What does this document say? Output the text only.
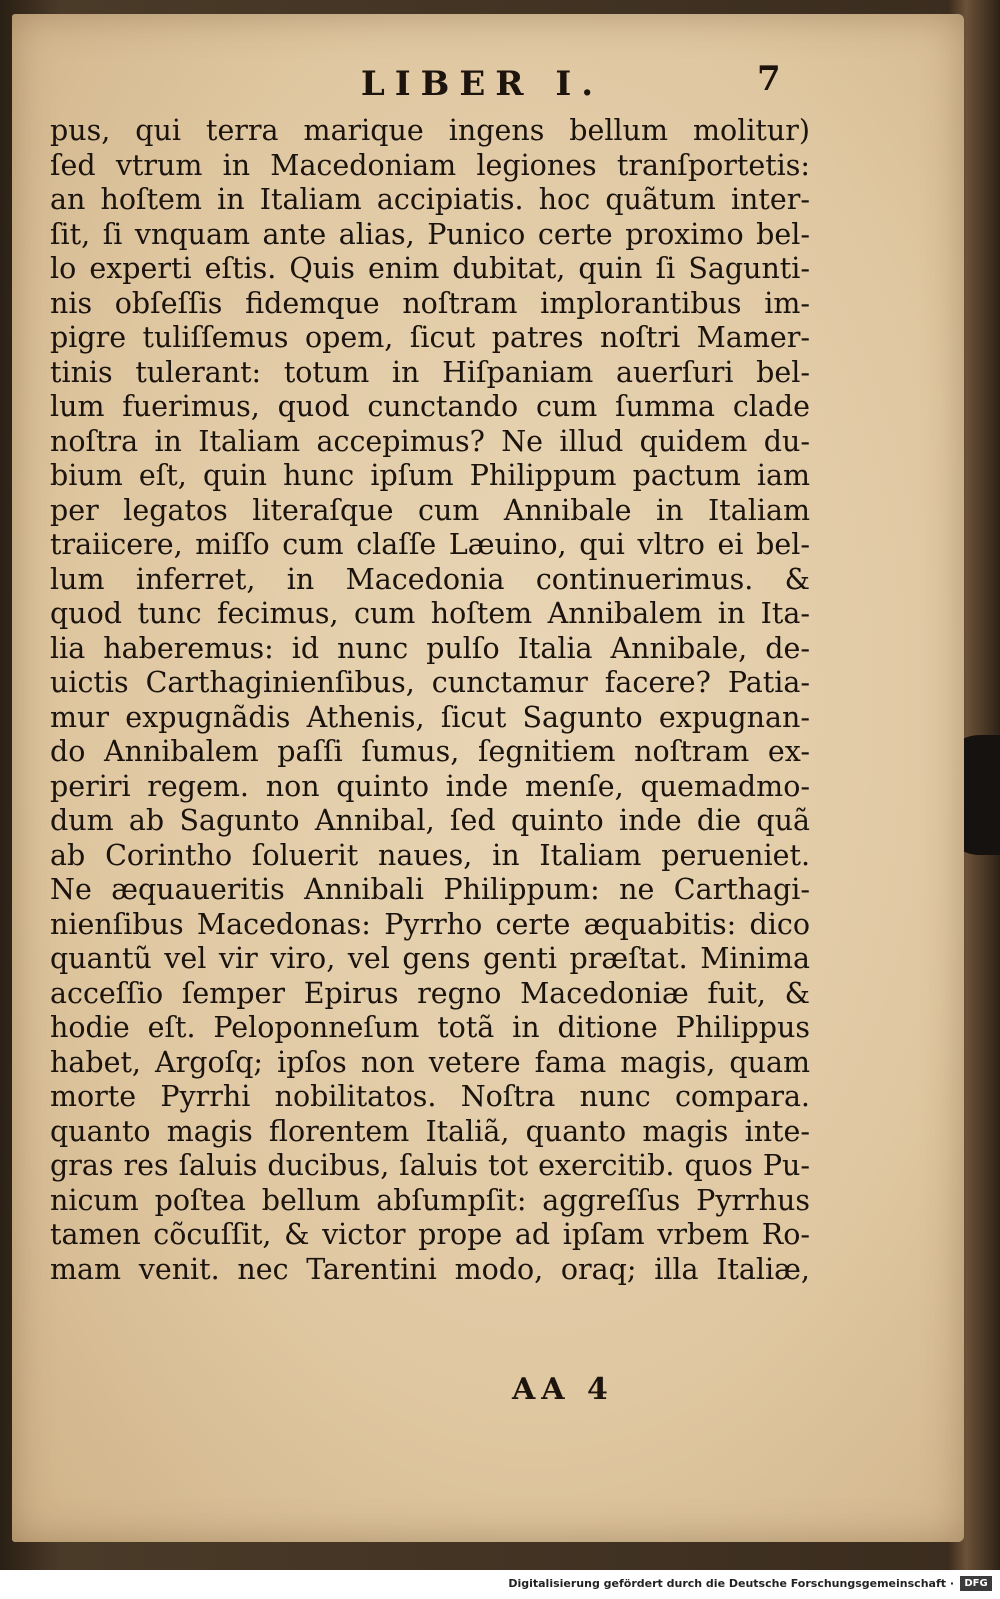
LIBER I.	7
pus, qui terra marique ingens bellum molitur)
ſed vtrum in Macedoniam legiones tranſportetis:
an hoſtem in Italiam accipiatis. hoc quãtum inter-
ſit, ſi vnquam ante alias, Punico certe proximo bel-
lo experti eſtis. Quis enim dubitat, quin ſi Sagunti-
nis obſeſſis fidemque noſtram implorantibus im-
pigre tuliſſemus opem, ſicut patres noſtri Mamer-
tinis tulerant: totum in Hiſpaniam auerſuri bel-
lum fuerimus, quod cunctando cum ſumma clade
noſtra in Italiam accepimus? Ne illud quidem du-
bium eſt, quin hunc ipſum Philippum pactum iam
per legatos literaſque cum Annibale in Italiam
traiicere, miſſo cum claſſe Læuino, qui vltro ei bel-
lum inferret, in Macedonia continuerimus. &
quod tunc fecimus, cum hoſtem Annibalem in Ita-
lia haberemus: id nunc pulſo Italia Annibale, de-
uictis Carthaginienſibus, cunctamur facere? Patia-
mur expugnãdis Athenis, ſicut Sagunto expugnan-
do Annibalem paſſi ſumus, ſegnitiem noſtram ex-
periri regem. non quinto inde menſe, quemadmo-
dum ab Sagunto Annibal, ſed quinto inde die quã
ab Corintho ſoluerit naues, in Italiam perueniet.
Ne æquaueritis Annibali Philippum: ne Carthagi-
nienſibus Macedonas: Pyrrho certe æquabitis: dico
quantũ vel vir viro, vel gens genti præſtat. Minima
acceſſio ſemper Epirus regno Macedoniæ fuit, &
hodie eſt. Peloponneſum totã in ditione Philippus
habet, Argoſq; ipſos non vetere fama magis, quam
morte Pyrrhi nobilitatos. Noſtra nunc compara.
quanto magis florentem Italiã, quanto magis inte-
gras res ſaluis ducibus, ſaluis tot exercitib. quos Pu-
nicum poſtea bellum abſumpſit: aggreſſus Pyrrhus
tamen cõcuſſit, & victor prope ad ipſam vrbem Ro-
mam venit. nec Tarentini modo, oraq; illa Italiæ,
AA 4
Digitalisierung gefördert durch die Deutsche Forschungsgemeinschaft ·	DFG
